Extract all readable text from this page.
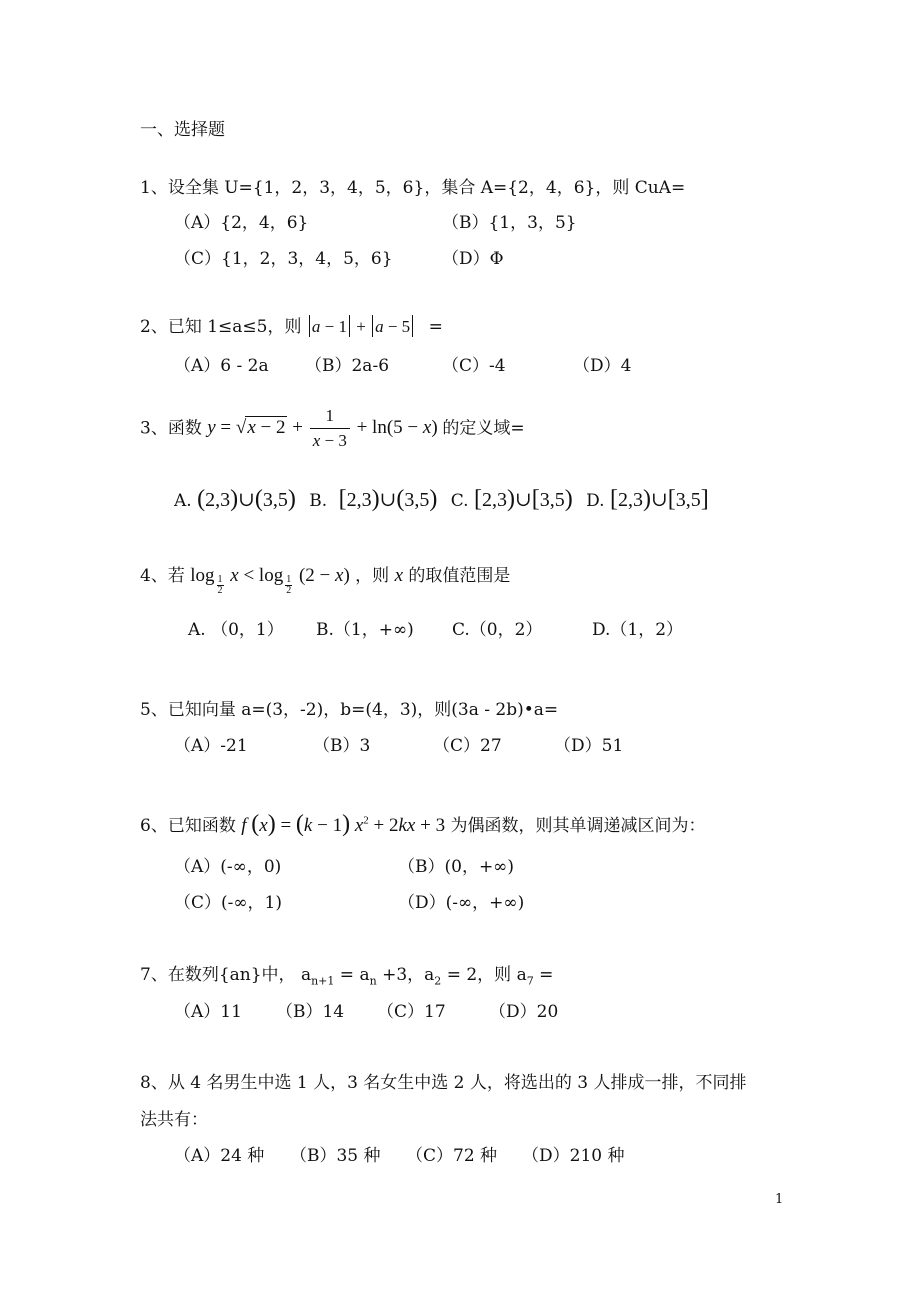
一、选择题
1、设全集 U={1，2，3，4，5，6}，集合 A={2，4，6}，则 CuA=
（A）{2，4，6}	（B）{1，3，5}
（C）{1，2，3，4，5，6}	（D）Φ
2、已知 1≤a≤5，则 a − 1 + a − 5 =
（A）6 - 2a （B）2a-6	（C）-4	（D）4
3、函数 $y = √x - 2 + \frac{1}{x - 3} + \ln(5 - x)$ 的定义域=
A. (2,3)∪(3,5) B. [2,3)∪(3,5) C. [2,3)∪[3,5) D. [2,3)∪[3,5]
4、若 $\log \frac{1}{2}$ $x < \log \frac{1}{2} (2 - x)$ ，则 x 的取值范围是
A. （0，1） B.（1，+∞) C.（0，2）	D.（1，2）
5、已知向量 a=(3，-2)，b=(4，3)，则(3a - 2b)•a=
（A）-21	（B）3	（C）27	（D）51
6、已知函数 f (x) = (k − 1) $x^2 + 2kx + 3$ 为偶函数，则其单调递减区间为：
（A）(-∞，0)	（B）(0，+∞)
（C）(-∞，1)	（D）(-∞，+∞)
7、在数列{an}中， $a_{n+1} = a_n +3$，$a_2 = 2$，则 $a_7$ =
（A）11 （B）14 （C）17	（D）20
8、从 4 名男生中选 1 人，3 名女生中选 2 人，将选出的 3 人排成一排，不同排
法共有：
（A）24 种 （B）35 种 （C）72 种 （D）210 种
1
